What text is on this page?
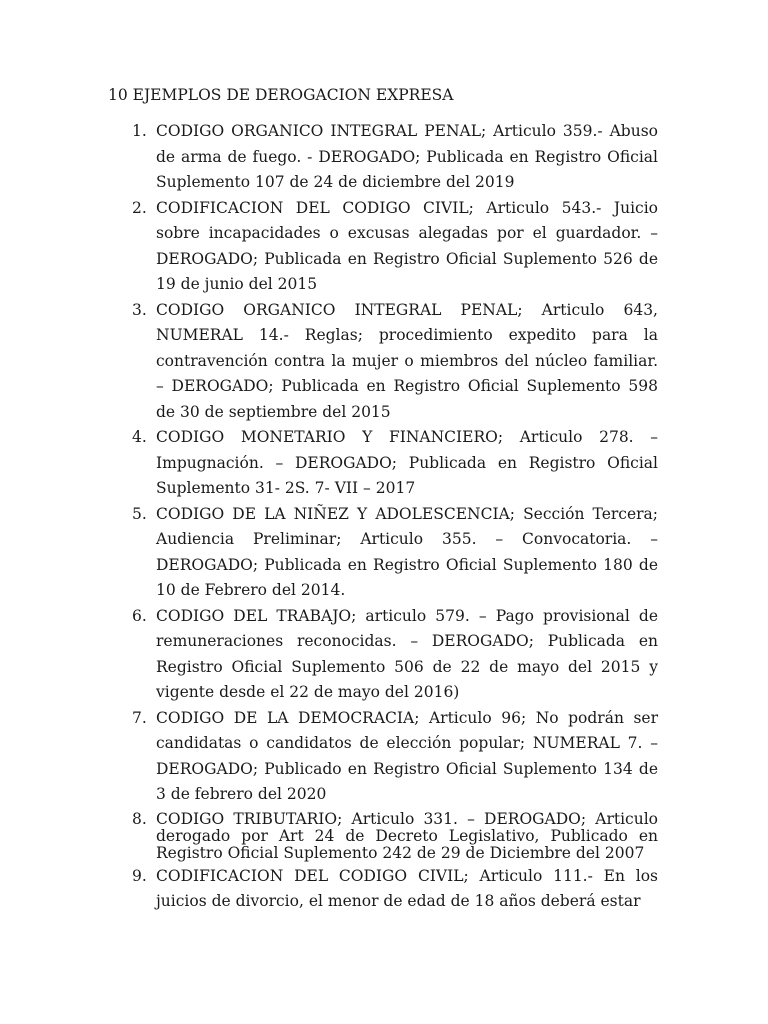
10 EJEMPLOS DE DEROGACION EXPRESA
1. CODIGO ORGANICO INTEGRAL PENAL; Articulo 359.- Abuso de arma de fuego. - DEROGADO; Publicada en Registro Oficial Suplemento 107 de 24 de diciembre del 2019
2. CODIFICACION DEL CODIGO CIVIL; Articulo 543.- Juicio sobre incapacidades o excusas alegadas por el guardador. – DEROGADO; Publicada en Registro Oficial Suplemento 526 de 19 de junio del 2015
3. CODIGO ORGANICO INTEGRAL PENAL; Articulo 643, NUMERAL 14.- Reglas; procedimiento expedito para la contravención contra la mujer o miembros del núcleo familiar. – DEROGADO; Publicada en Registro Oficial Suplemento 598 de 30 de septiembre del 2015
4. CODIGO MONETARIO Y FINANCIERO; Articulo 278. – Impugnación. – DEROGADO; Publicada en Registro Oficial Suplemento 31- 2S. 7- VII – 2017
5. CODIGO DE LA NIÑEZ Y ADOLESCENCIA; Sección Tercera; Audiencia Preliminar; Articulo 355. – Convocatoria. – DEROGADO; Publicada en Registro Oficial Suplemento 180 de 10 de Febrero del 2014.
6. CODIGO DEL TRABAJO; articulo 579. – Pago provisional de remuneraciones reconocidas. – DEROGADO; Publicada en Registro Oficial Suplemento 506 de 22 de mayo del 2015 y vigente desde el 22 de mayo del 2016)
7. CODIGO DE LA DEMOCRACIA; Articulo 96; No podrán ser candidatas o candidatos de elección popular; NUMERAL 7. – DEROGADO; Publicado en Registro Oficial Suplemento 134 de 3 de febrero del 2020
8. CODIGO TRIBUTARIO; Articulo 331. – DEROGADO; Articulo derogado por Art 24 de Decreto Legislativo, Publicado en Registro Oficial Suplemento 242 de 29 de Diciembre del 2007
9. CODIFICACION DEL CODIGO CIVIL; Articulo 111.- En los juicios de divorcio, el menor de edad de 18 años deberá estar
